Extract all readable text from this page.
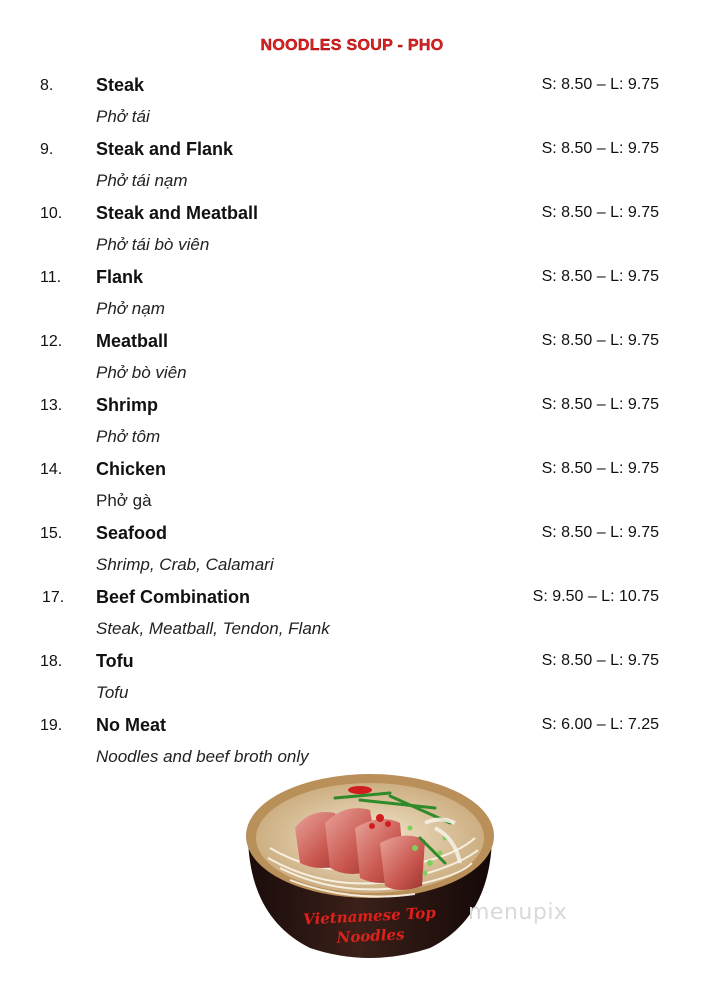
NOODLES SOUP - PHO
8. Steak	S: 8.50 – L: 9.75
Phở tái
9. Steak and Flank	S: 8.50 – L: 9.75
Phở tái nạm
10. Steak and Meatball	S: 8.50 – L: 9.75
Phở tái bò viên
11. Flank	S: 8.50 – L: 9.75
Phở nạm
12. Meatball	S: 8.50 – L: 9.75
Phở bò viên
13. Shrimp	S: 8.50 – L: 9.75
Phở tôm
14. Chicken	S: 8.50 – L: 9.75
Phở gà
15. Seafood	S: 8.50 – L: 9.75
Shrimp, Crab, Calamari
17. Beef Combination	S: 9.50 – L: 10.75
Steak, Meatball, Tendon, Flank
18. Tofu	S: 8.50 – L: 9.75
Tofu
19. No Meat	S: 6.00 – L: 7.25
Noodles and beef broth only
Vietnamese Top
Noodles
menupix
